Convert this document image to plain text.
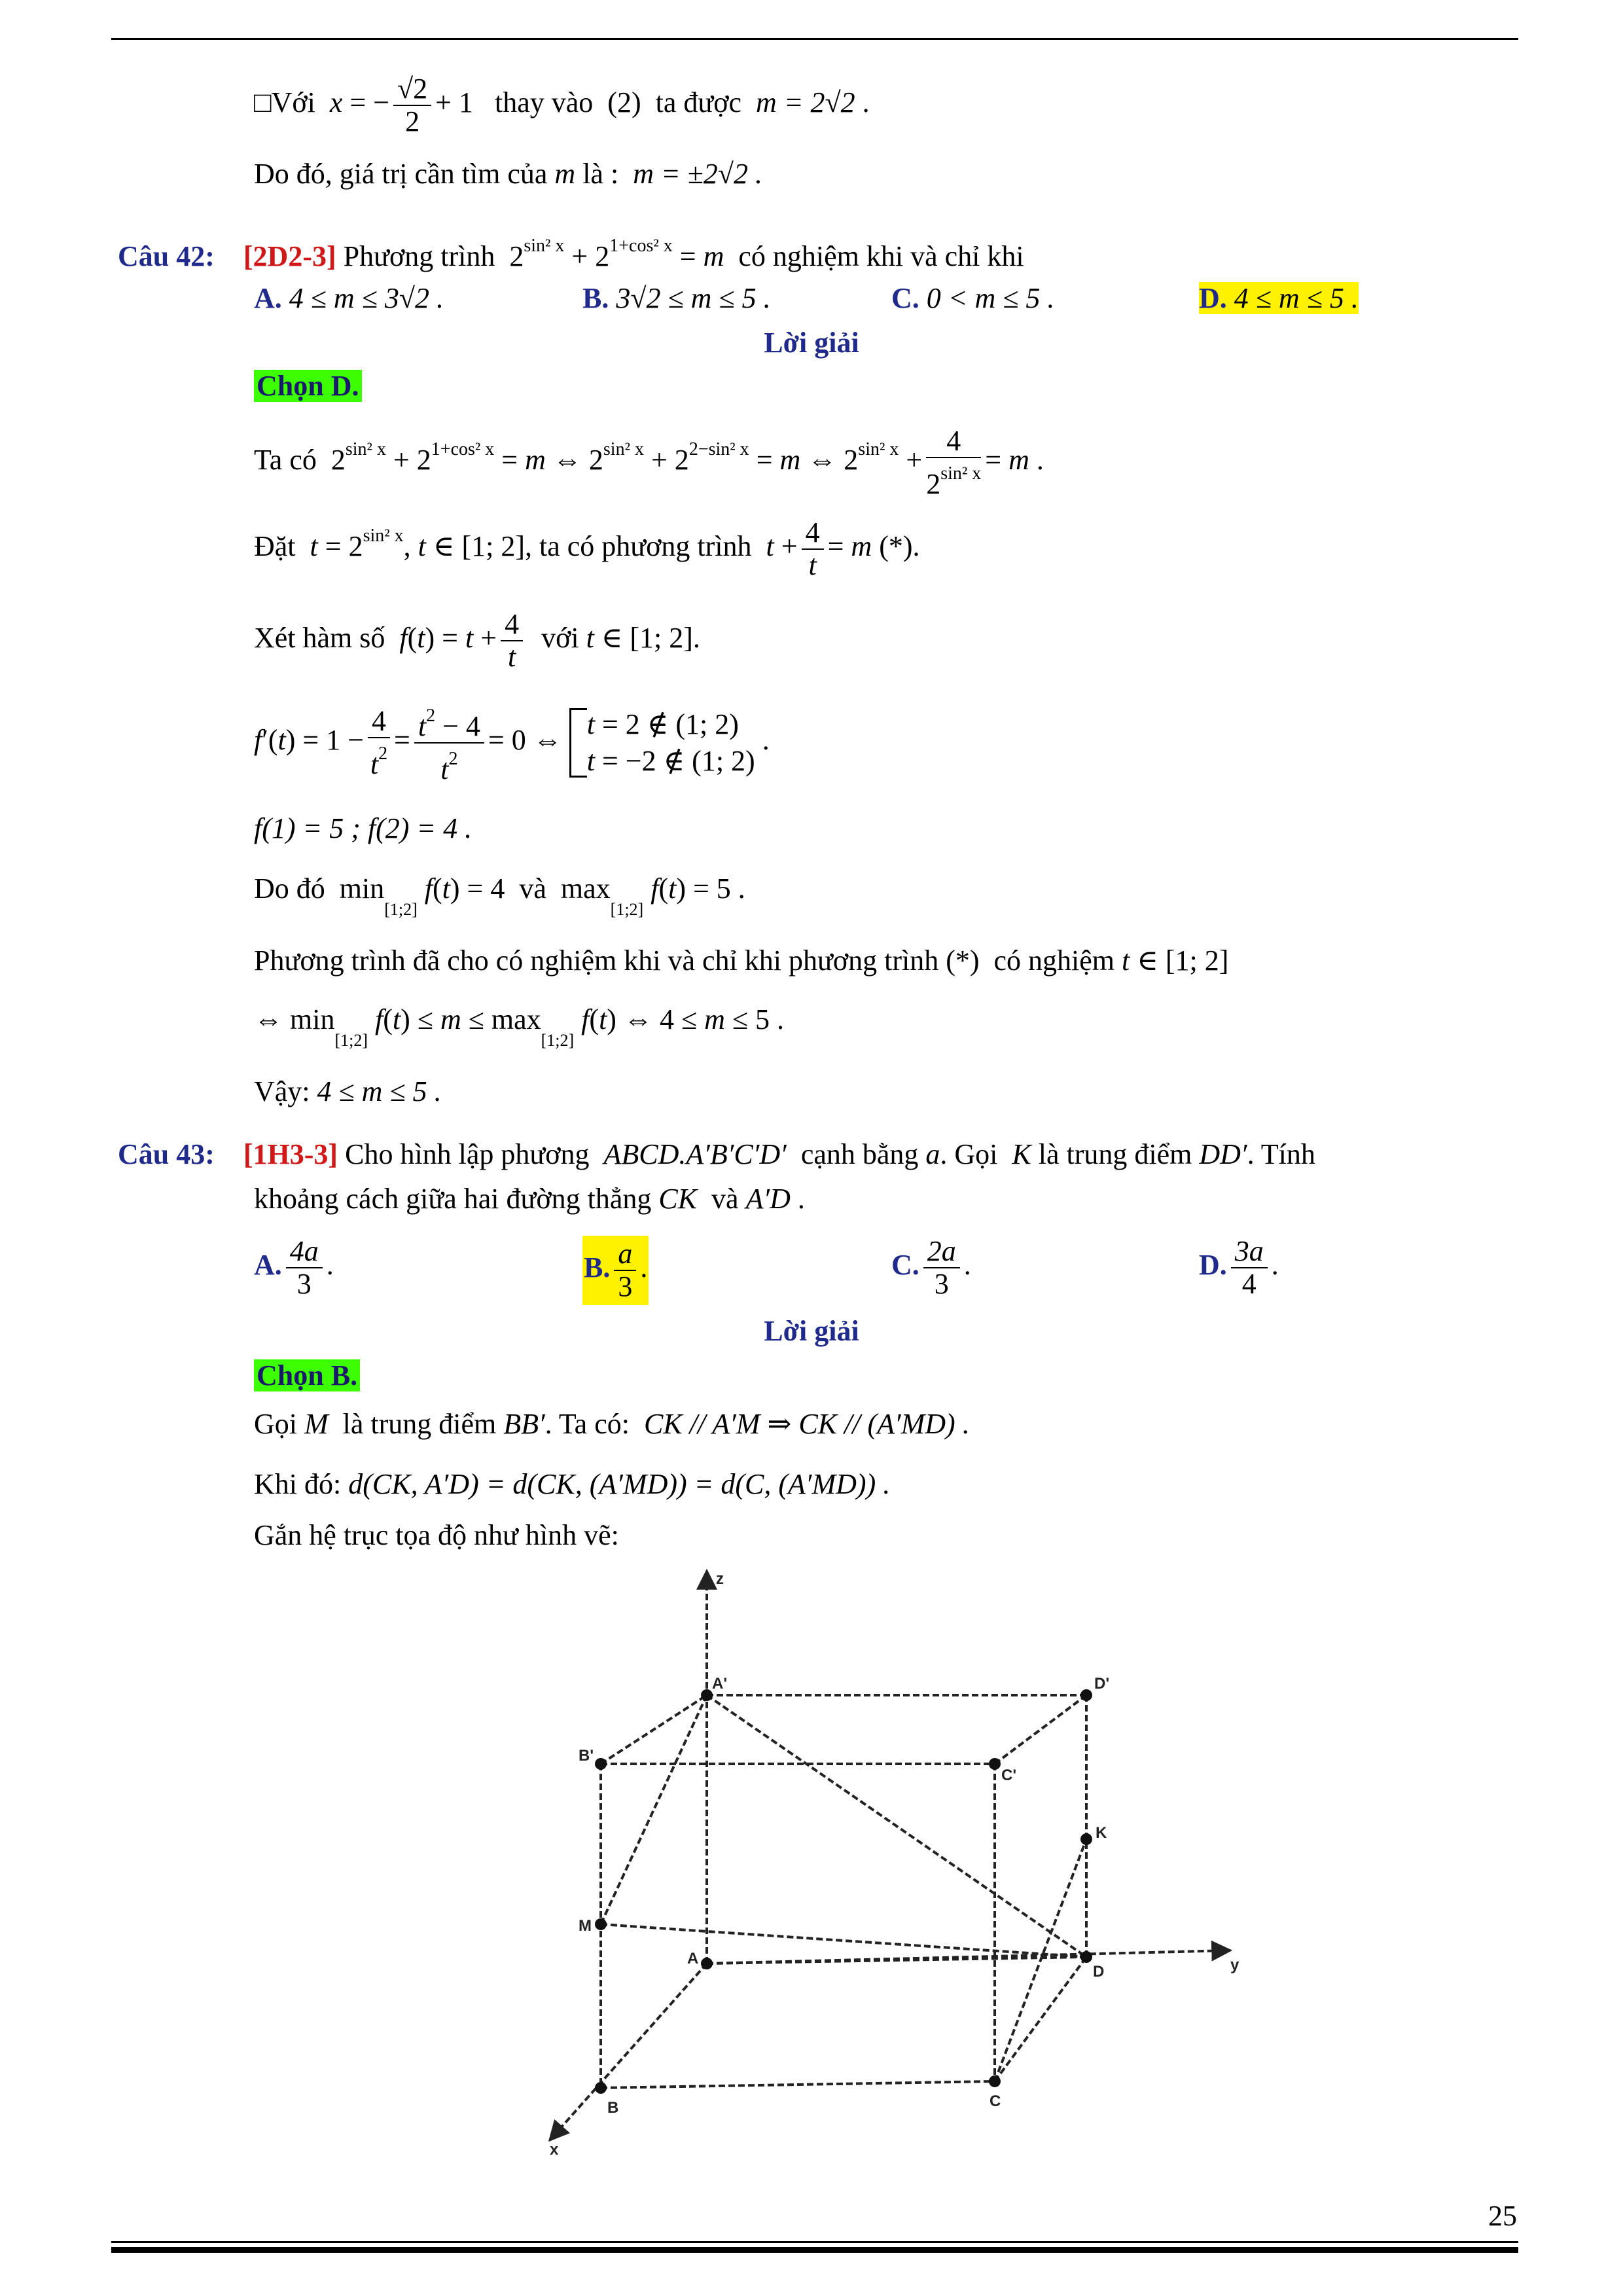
□Với x = − $\frac{√2}{2} + 1$   thay vào (2) ta được m = 2√2 .
Do đó, giá trị cần tìm của m là : m = ±2√2 .
Câu 42: [2D2-3] Phương trình  $2^{sin^2 x} + 2^{1+cos^2 x} = m$ có nghiệm khi và chỉ khi
A. 4 ≤ m ≤ 3√2 .	B. 3√2 ≤ m ≤ 5 .	C. 0 < m ≤ 5 .	D. 4 ≤ m ≤ 5 .
Lời giải
Chọn D.
Ta có  $2^{sin^2 x} + 2^{1+cos^2 x} = m$ ⇔ $2^{sin^2 x} + 2^{2-sin^2 x} = m$ ⇔ $2^{sin^2 x} + \frac{4}{2^{sin^2 x}} = m$ .
Đặt $t = 2^{sin^2 x}$, t ∈ [1; 2], ta có phương trình $t + \frac{4}{t} = m$ (*).
Xét hàm số $f(t) = t + \frac{4}{t}$ với t ∈ [1; 2].
$f'(t) = 1 - \frac{4}{t^2} = \frac{t^2 - 4}{t^2} = 0$ ⇔ t = 2 ∉ (1; 2)
t = −2 ∉ (1; 2) .
f(1) = 5 ; f(2) = 4 .
Do đó  $\min_{[1;2]} f(t) = 4$  và  $\max_{[1;2]} f(t) = 5$ .
Phương trình đã cho có nghiệm khi và chỉ khi phương trình (*)  có nghiệm t ∈ [1; 2]
⇔ $\min_{[1;2]} f(t) \le m \le \max_{[1;2]} f(t)$ ⇔ 4 ≤ m ≤ 5 .
Vậy: 4 ≤ m ≤ 5 .
Câu 43: [1H3-3] Cho hình lập phương ABCD.A′B′C′D′ cạnh bằng a. Gọi K là trung điểm DD′. Tính
khoảng cách giữa hai đường thẳng CK và A′D .
A. $\frac{4a}{3}$ .	B. $\frac{a}{3}$ .	C. $\frac{2a}{3}$ .	D. $\frac{3a}{4}$ .
Lời giải
Chọn B.
Gọi M là trung điểm BB′. Ta có: CK // A′M ⇒ CK // (A′MD) .
Khi đó: d(CK, A′D) = d(CK, (A′MD)) = d(C, (A′MD)) .
Gắn hệ trục tọa độ như hình vẽ:
z
y
x
A'
B'
C'
D'
A
B	C
D
K
M
25
